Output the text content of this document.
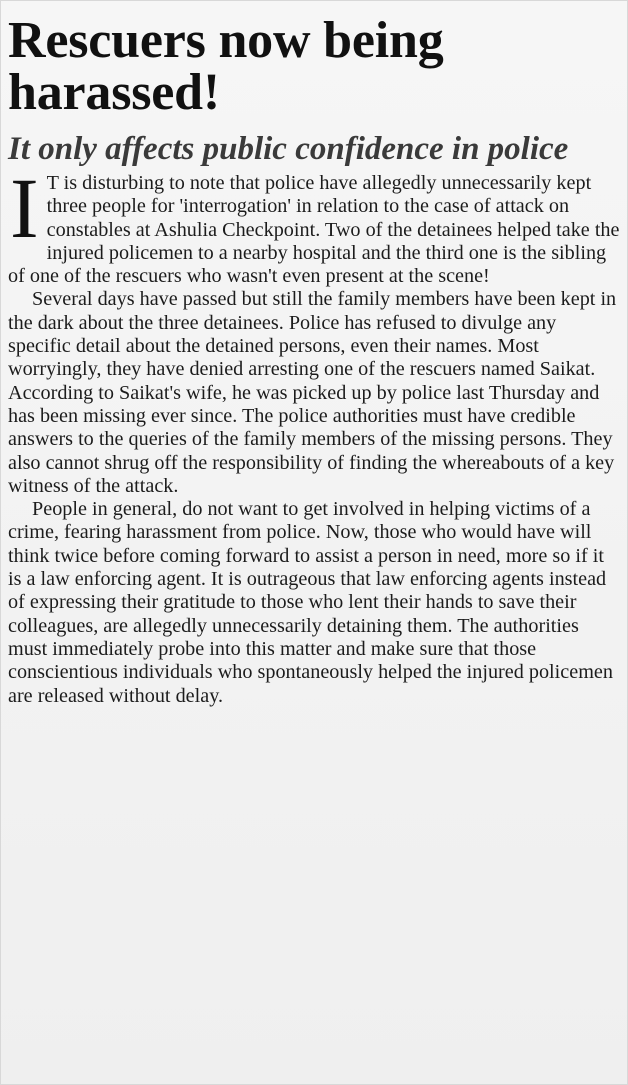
Rescuers now being harassed!
It only affects public confidence in police

I T is disturbing to note that police have allegedly unnecessarily kept three people for 'interrogation' in relation to the case of attack on constables at Ashulia Checkpoint. Two of the detainees helped take the injured policemen to a nearby hospital and the third one is the sibling of one of the rescuers who wasn't even present at the scene!

Several days have passed but still the family members have been kept in the dark about the three detainees. Police has refused to divulge any specific detail about the detained persons, even their names. Most worryingly, they have denied arresting one of the rescuers named Saikat. According to Saikat's wife, he was picked up by police last Thursday and has been missing ever since. The police authorities must have credible answers to the queries of the family members of the missing persons. They also cannot shrug off the responsibility of finding the whereabouts of a key witness of the attack.

People in general, do not want to get involved in helping victims of a crime, fearing harassment from police. Now, those who would have will think twice before coming forward to assist a person in need, more so if it is a law enforcing agent. It is outrageous that law enforcing agents instead of expressing their gratitude to those who lent their hands to save their colleagues, are allegedly unnecessarily detaining them. The authorities must immediately probe into this matter and make sure that those conscientious individuals who spontaneously helped the injured policemen are released without delay.
